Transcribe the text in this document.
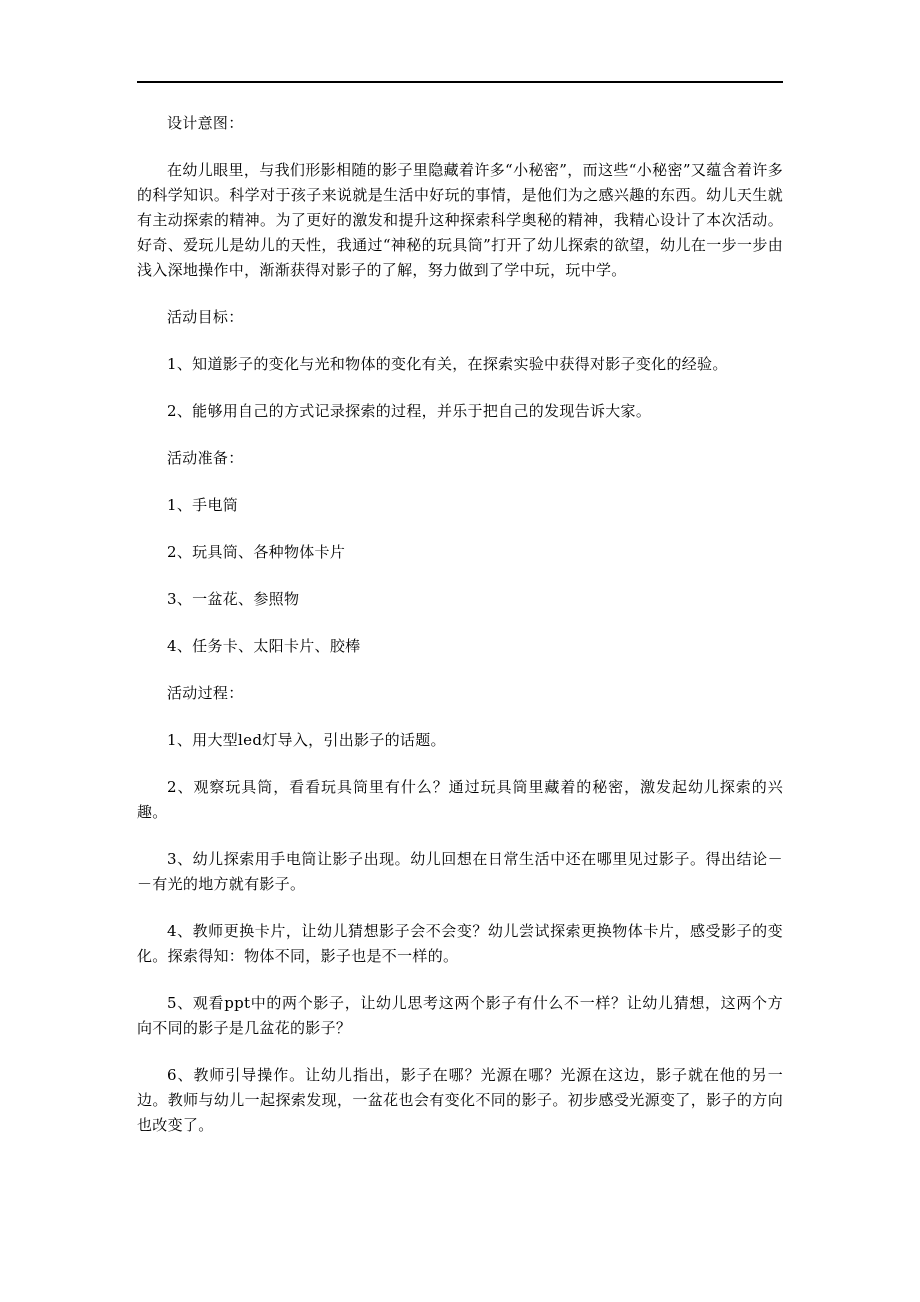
设计意图：

在幼儿眼里，与我们形影相随的影子里隐藏着许多“小秘密”，而这些“小秘密”又蕴含着许多的科学知识。科学对于孩子来说就是生活中好玩的事情，是他们为之感兴趣的东西。幼儿天生就有主动探索的精神。为了更好的激发和提升这种探索科学奥秘的精神，我精心设计了本次活动。好奇、爱玩儿是幼儿的天性，我通过“神秘的玩具筒”打开了幼儿探索的欲望，幼儿在一步一步由浅入深地操作中，渐渐获得对影子的了解，努力做到了学中玩，玩中学。

活动目标：

1、知道影子的变化与光和物体的变化有关，在探索实验中获得对影子变化的经验。

2、能够用自己的方式记录探索的过程，并乐于把自己的发现告诉大家。

活动准备：

1、手电筒

2、玩具筒、各种物体卡片

3、一盆花、参照物

4、任务卡、太阳卡片、胶棒

活动过程：

1、用大型led灯导入，引出影子的话题。

2、观察玩具筒，看看玩具筒里有什么？通过玩具筒里藏着的秘密，激发起幼儿探索的兴趣。

3、幼儿探索用手电筒让影子出现。幼儿回想在日常生活中还在哪里见过影子。得出结论－－有光的地方就有影子。

4、教师更换卡片，让幼儿猜想影子会不会变？幼儿尝试探索更换物体卡片，感受影子的变化。探索得知：物体不同，影子也是不一样的。

5、观看ppt中的两个影子，让幼儿思考这两个影子有什么不一样？让幼儿猜想，这两个方向不同的影子是几盆花的影子？

6、教师引导操作。让幼儿指出，影子在哪？光源在哪？光源在这边，影子就在他的另一边。教师与幼儿一起探索发现，一盆花也会有变化不同的影子。初步感受光源变了，影子的方向也改变了。
